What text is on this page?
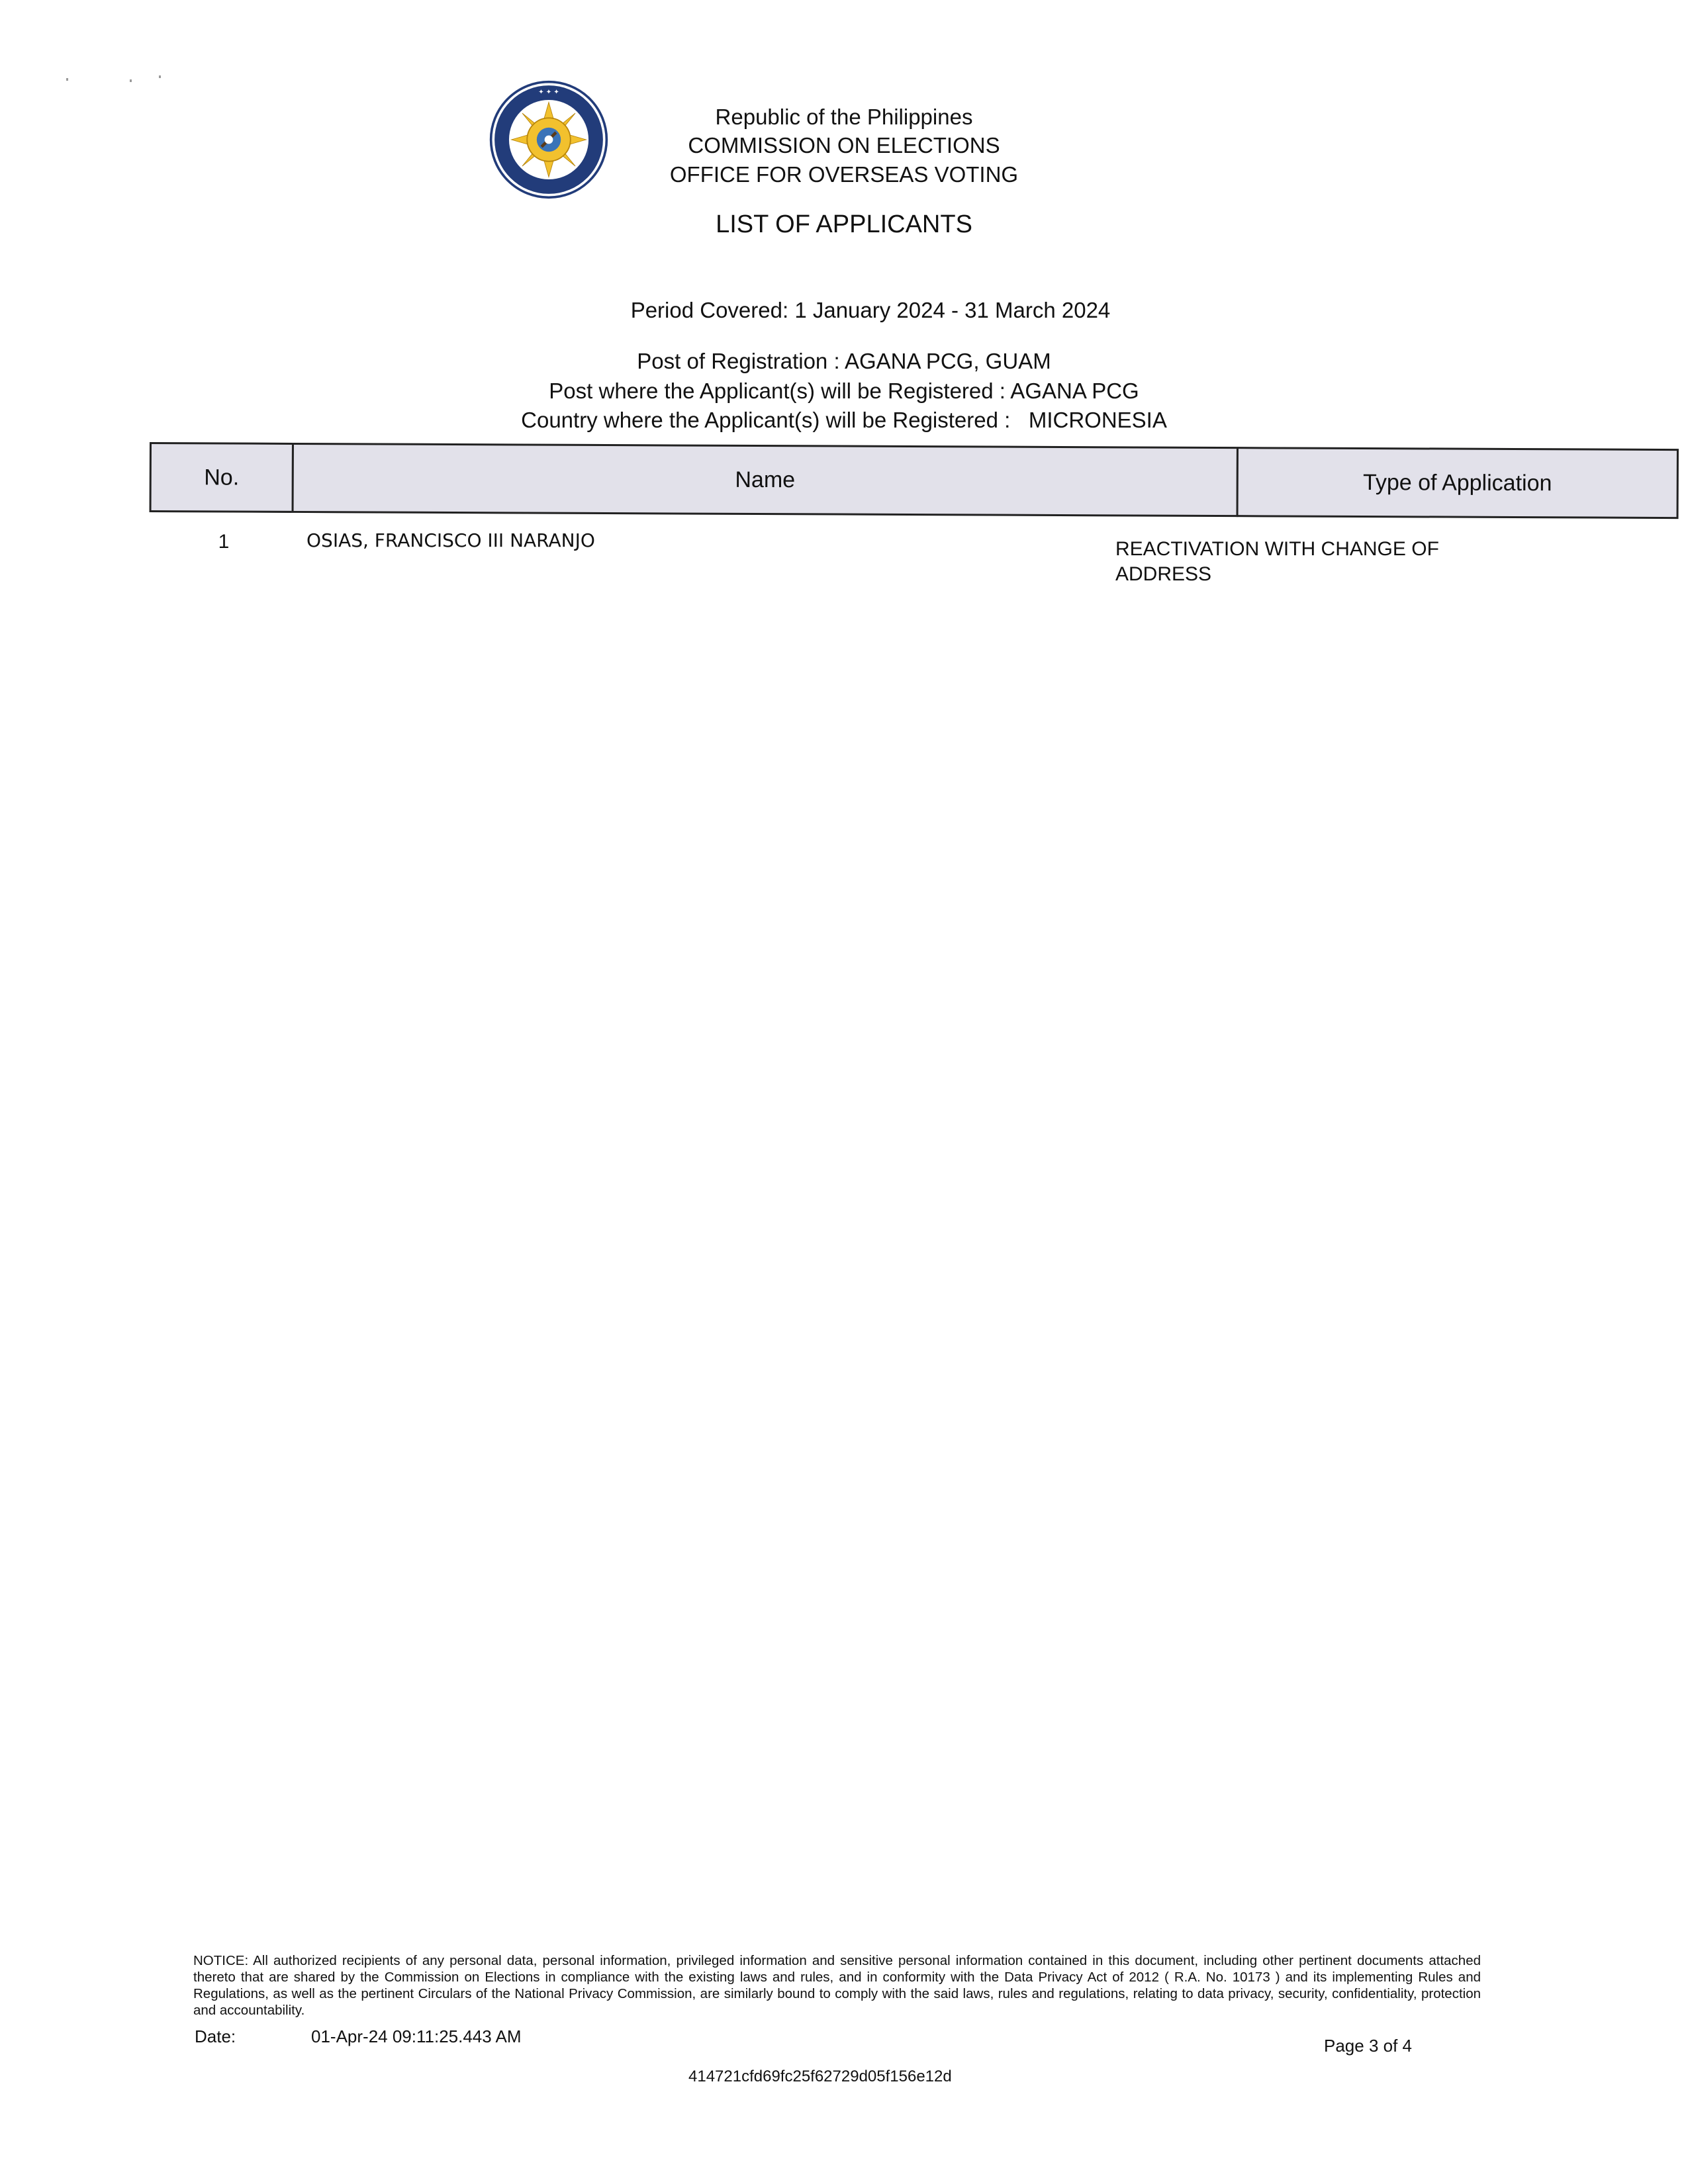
✦ ✦ ✦
Republic of the Philippines
COMMISSION ON ELECTIONS
OFFICE FOR OVERSEAS VOTING
LIST OF APPLICANTS
Period Covered: 1 January 2024 - 31 March 2024
Post of Registration : AGANA PCG, GUAM
Post where the Applicant(s) will be Registered : AGANA PCG
Country where the Applicant(s) will be Registered :   MICRONESIA
No.	Name	Type of Application
1	OSIAS, FRANCISCO III NARANJO	REACTIVATION WITH CHANGE OF
ADDRESS
NOTICE: All authorized recipients of any personal data, personal information, privileged information and sensitive personal information contained in this document, including other pertinent documents attached thereto that are shared by the Commission on Elections in compliance with the existing laws and rules, and in conformity with the Data Privacy Act of 2012 ( R.A. No. 10173 ) and its implementing Rules and Regulations, as well as the pertinent Circulars of the National Privacy Commission, are similarly bound to comply with the said laws, rules and regulations, relating to data privacy, security, confidentiality, protection and accountability.
Date:	01-Apr-24 09:11:25.443 AM	Page 3 of 4
414721cfd69fc25f62729d05f156e12d
